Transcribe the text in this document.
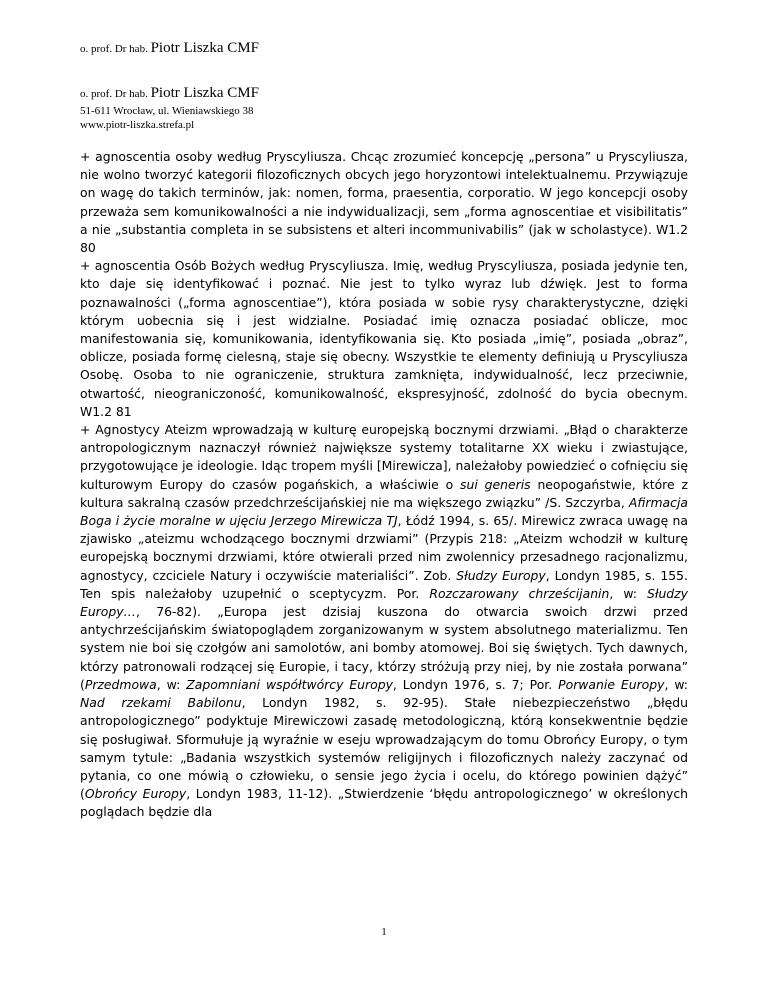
o. prof. Dr hab. Piotr Liszka CMF
o. prof. Dr hab. Piotr Liszka CMF
51-611 Wrocław, ul. Wieniawskiego 38
www.piotr-liszka.strefa.pl

+ agnoscentia osoby według Pryscyliusza. Chcąc zrozumieć koncepcję „persona” u Pryscyliusza, nie wolno tworzyć kategorii filozoficznych obcych jego horyzontowi intelektualnemu. Przywiązuje on wagę do takich terminów, jak: nomen, forma, praesentia, corporatio. W jego koncepcji osoby przeważa sem komunikowalności a nie indywidualizacji, sem „forma agnoscentiae et visibilitatis” a nie „substantia completa in se subsistens et alteri incommunivabilis” (jak w scholastyce). W1.2 80

+ agnoscentia Osób Bożych według Pryscyliusza. Imię, według Pryscyliusza, posiada jedynie ten, kto daje się identyfikować i poznać. Nie jest to tylko wyraz lub dźwięk. Jest to forma poznawalności („forma agnoscentiae”), która posiada w sobie rysy charakterystyczne, dzięki którym uobecnia się i jest widzialne. Posiadać imię oznacza posiadać oblicze, moc manifestowania się, komunikowania, identyfikowania się. Kto posiada „imię”, posiada „obraz”, oblicze, posiada formę cielesną, staje się obecny. Wszystkie te elementy definiują u Pryscyliusza Osobę. Osoba to nie ograniczenie, struktura zamknięta, indywidualność, lecz przeciwnie, otwartość, nieograniczoność, komunikowalność, ekspresyjność, zdolność do bycia obecnym. W1.2 81

+ Agnostycy Ateizm wprowadzają w kulturę europejską bocznymi drzwiami. „Błąd o charakterze antropologicznym naznaczył również największe systemy totalitarne XX wieku i zwiastujące, przygotowujące je ideologie. Idąc tropem myśli [Mirewicza], należałoby powiedzieć o cofnięciu się kulturowym Europy do czasów pogańskich, a właściwie o sui generis neopogaństwie, które z kultura sakralną czasów przedchrześcijańskiej nie ma większego związku” /S. Szczyrba, Afirmacja Boga i życie moralne w ujęciu Jerzego Mirewicza TJ, Łódź 1994, s. 65/. Mirewicz zwraca uwagę na zjawisko „ateizmu wchodzącego bocznymi drzwiami” (Przypis 218: „Ateizm wchodził w kulturę europejską bocznymi drzwiami, które otwierali przed nim zwolennicy przesadnego racjonalizmu, agnostycy, czciciele Natury i oczywiście materialiści”. Zob. Słudzy Europy, Londyn 1985, s. 155. Ten spis należałoby uzupełnić o sceptycyzm. Por. Rozczarowany chrześcijanin, w: Słudzy Europy…, 76-82). „Europa jest dzisiaj kuszona do otwarcia swoich drzwi przed antychrześcijańskim światopoglądem zorganizowanym w system absolutnego materializmu. Ten system nie boi się czołgów ani samolotów, ani bomby atomowej. Boi się świętych. Tych dawnych, którzy patronowali rodzącej się Europie, i tacy, którzy stróżują przy niej, by nie została porwana” (Przedmowa, w: Zapomniani współtwórcy Europy, Londyn 1976, s. 7; Por. Porwanie Europy, w: Nad rzekami Babilonu, Londyn 1982, s. 92-95). Stałe niebezpieczeństwo „błędu antropologicznego” podyktuje Mirewiczowi zasadę metodologiczną, którą konsekwentnie będzie się posługiwał. Sformułuje ją wyraźnie w eseju wprowadzającym do tomu Obrońcy Europy, o tym samym tytule: „Badania wszystkich systemów religijnych i filozoficznych należy zaczynać od pytania, co one mówią o człowieku, o sensie jego życia i ocelu, do którego powinien dążyć” (Obrońcy Europy, Londyn 1983, 11-12). „Stwierdzenie ‘błędu antropologicznego’ w określonych poglądach będzie dla

1
